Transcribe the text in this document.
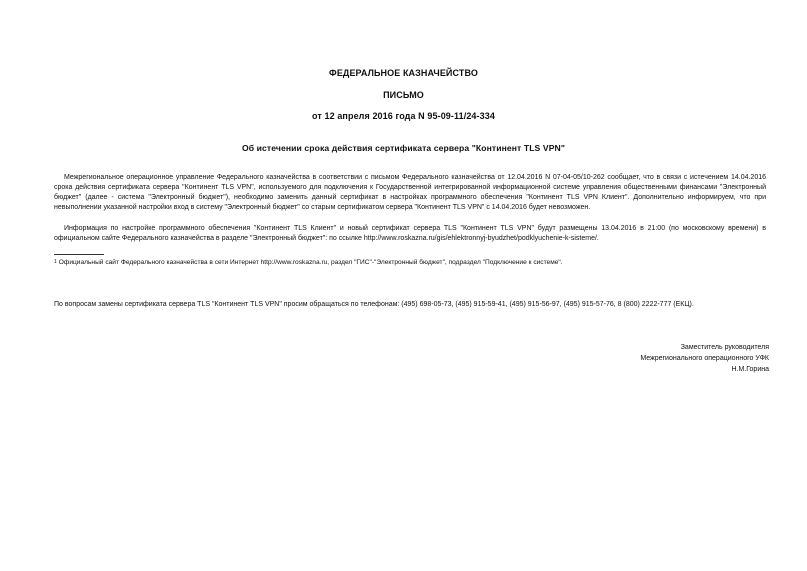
ФЕДЕРАЛЬНОЕ КАЗНАЧЕЙСТВО
ПИСЬМО
от 12 апреля 2016 года N 95-09-11/24-334
Об истечении срока действия сертификата сервера "Континент TLS VPN"
Межрегиональное операционное управление Федерального казначейства в соответствии с письмом Федерального казначейства от 12.04.2016 N 07-04-05/10-262 сообщает, что в связи с истечением 14.04.2016 срока действия сертификата сервера "Континент TLS VPN", используемого для подключения к Государственной интегрированной информационной системе управления общественными финансами "Электронный бюджет" (далее - система "Электронный бюджет"), необходимо заменить данный сертификат в настройках программного обеспечения "Континент TLS VPN Клиент". Дополнительно информируем, что при невыполнении указанной настройки вход в систему "Электронный бюджет" со старым сертификатом сервера "Континент TLS VPN" с 14.04.2016 будет невозможен.
Информация по настройке программного обеспечения "Континент TLS Клиент" и новый сертификат сервера TLS "Континент TLS VPN" будут размещены 13.04.2016 в 21:00 (по московскому времени) в официальном сайте Федерального казначейства в разделе "Электронный бюджет": по ссылке http://www.roskazna.ru/gis/ehlektronnyj-byudzhet/podklyuchenie-k-sisteme/.
$^1$ Официальный сайт Федерального казначейства в сети Интернет http://www.roskazna.ru, раздел "ГИС"-"Электронный бюджет", подраздел "Подключение к системе".
По вопросам замены сертификата сервера TLS "Континент TLS VPN" просим обращаться по телефонам: (495) 698-05-73, (495) 915-59-41, (495) 915-56-97, (495) 915-57-76, 8 (800) 2222-777 (ЕКЦ).
Заместитель руководителя
Межрегионального операционного УФК
Н.М.Горина
